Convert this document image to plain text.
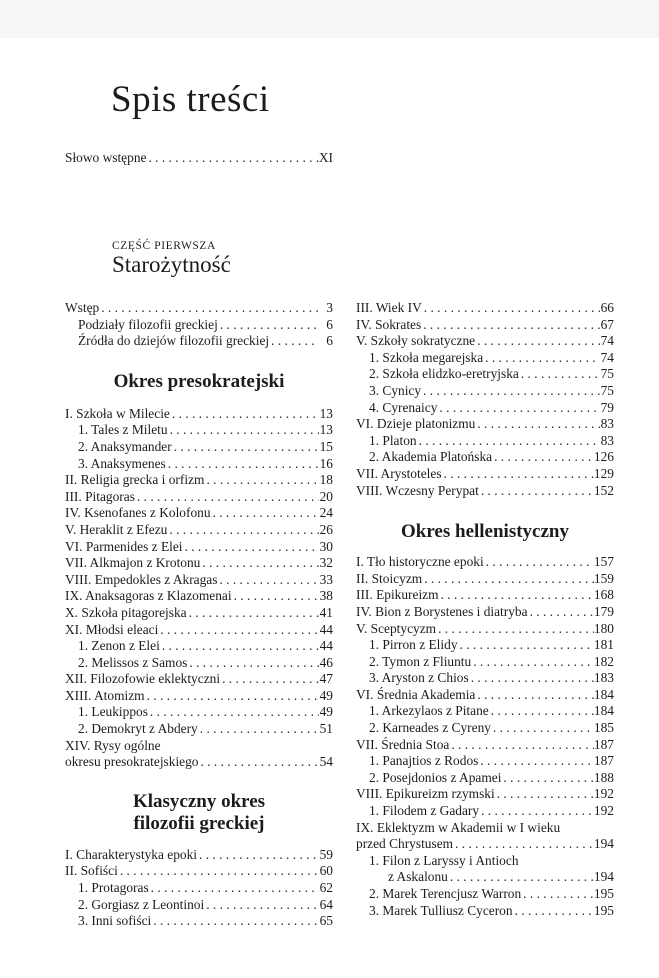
Spis treści
Słowo wstępne . . .	XI
CZĘŚĆ PIERWSZA
Starożytność
Wstęp . . .	3
Podziały filozofii greckiej . . .	6
Źródła do dziejów filozofii greckiej . . .	6
Okres presokratejski
I. Szkoła w Milecie . . .	13
1. Tales z Miletu . . .	13
2. Anaksymander . . .	15
3. Anaksymenes . . .	16
II. Religia grecka i orfizm . . .	18
III. Pitagoras . . .	20
IV. Ksenofanes z Kolofonu . . .	24
V. Heraklit z Efezu . . .	26
VI. Parmenides z Elei . . .	30
VII. Alkmajon z Krotonu . . .	32
VIII. Empedokles z Akragas . . .	33
IX. Anaksagoras z Klazomenai . . .	38
X. Szkoła pitagorejska . . .	41
XI. Młodsi eleaci . . .	44
1. Zenon z Elei . . .	44
2. Melissos z Samos . . .	46
XII. Filozofowie eklektyczni . . .	47
XIII. Atomizm . . .	49
1. Leukippos . . .	49
2. Demokryt z Abdery . . .	51
XIV. Rysy ogólne
okresu presokratejskiego . . .	54
Klasyczny okres
filozofii greckiej
I. Charakterystyka epoki . . .	59
II. Sofiści . . .	60
1. Protagoras . . .	62
2. Gorgiasz z Leontinoi . . .	64
3. Inni sofiści . . .	65
III. Wiek IV . . .	66
IV. Sokrates . . .	67
V. Szkoły sokratyczne . . .	74
1. Szkoła megarejska . . .	74
2. Szkoła elidzko-eretryjska . . .	75
3. Cynicy . . .	75
4. Cyrenaicy . . .	79
VI. Dzieje platonizmu . . .	83
1. Platon . . .	83
2. Akademia Platońska . . .	126
VII. Arystoteles . . .	129
VIII. Wczesny Perypat . . .	152
Okres hellenistyczny
I. Tło historyczne epoki . . .	157
II. Stoicyzm . . .	159
III. Epikureizm . . .	168
IV. Bion z Borystenes i diatryba . . .	179
V. Sceptycyzm . . .	180
1. Pirron z Elidy . . .	181
2. Tymon z Fliuntu . . .	182
3. Aryston z Chios . . .	183
VI. Średnia Akademia . . .	184
1. Arkezylaos z Pitane . . .	184
2. Karneades z Cyreny . . .	185
VII. Średnia Stoa . . .	187
1. Panajtios z Rodos . . .	187
2. Posejdonios z Apamei . . .	188
VIII. Epikureizm rzymski . . .	192
1. Filodem z Gadary . . .	192
IX. Eklektyzm w Akademii w I wieku
przed Chrystusem . . .	194
1. Filon z Laryssy i Antioch
z Askalonu . . .	194
2. Marek Terencjusz Warron . . .	195
3. Marek Tulliusz Cyceron . . .	195
